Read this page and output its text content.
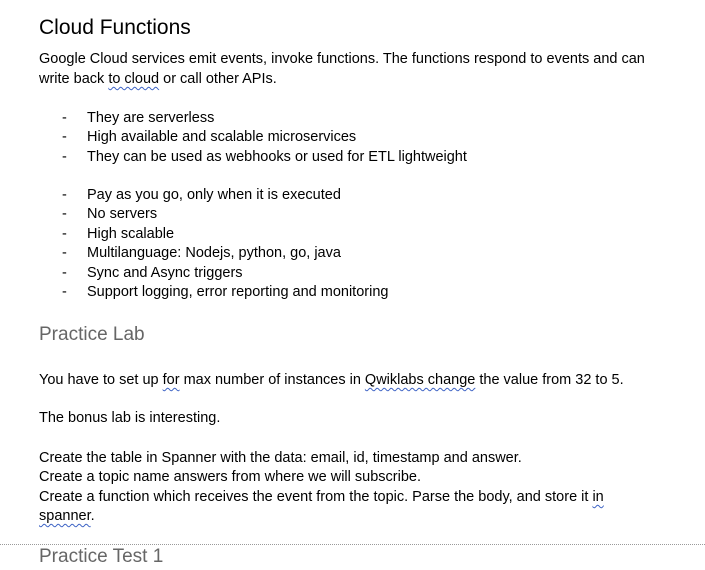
Cloud Functions

Google Cloud services emit events, invoke functions. The functions respond to events and can write back to cloud or call other APIs.

- They are serverless
- High available and scalable microservices
- They can be used as webhooks or used for ETL lightweight
- Pay as you go, only when it is executed
- No servers
- High scalable
- Multilanguage: Nodejs, python, go, java
- Sync and Async triggers
- Support logging, error reporting and monitoring
Practice Lab

You have to set up for max number of instances in Qwiklabs change the value from 32 to 5.

The bonus lab is interesting.

Create the table in Spanner with the data: email, id, timestamp and answer.

Create a topic name answers from where we will subscribe.

Create a function which receives the event from the topic. Parse the body, and store it in

spanner.

Practice Test 1
